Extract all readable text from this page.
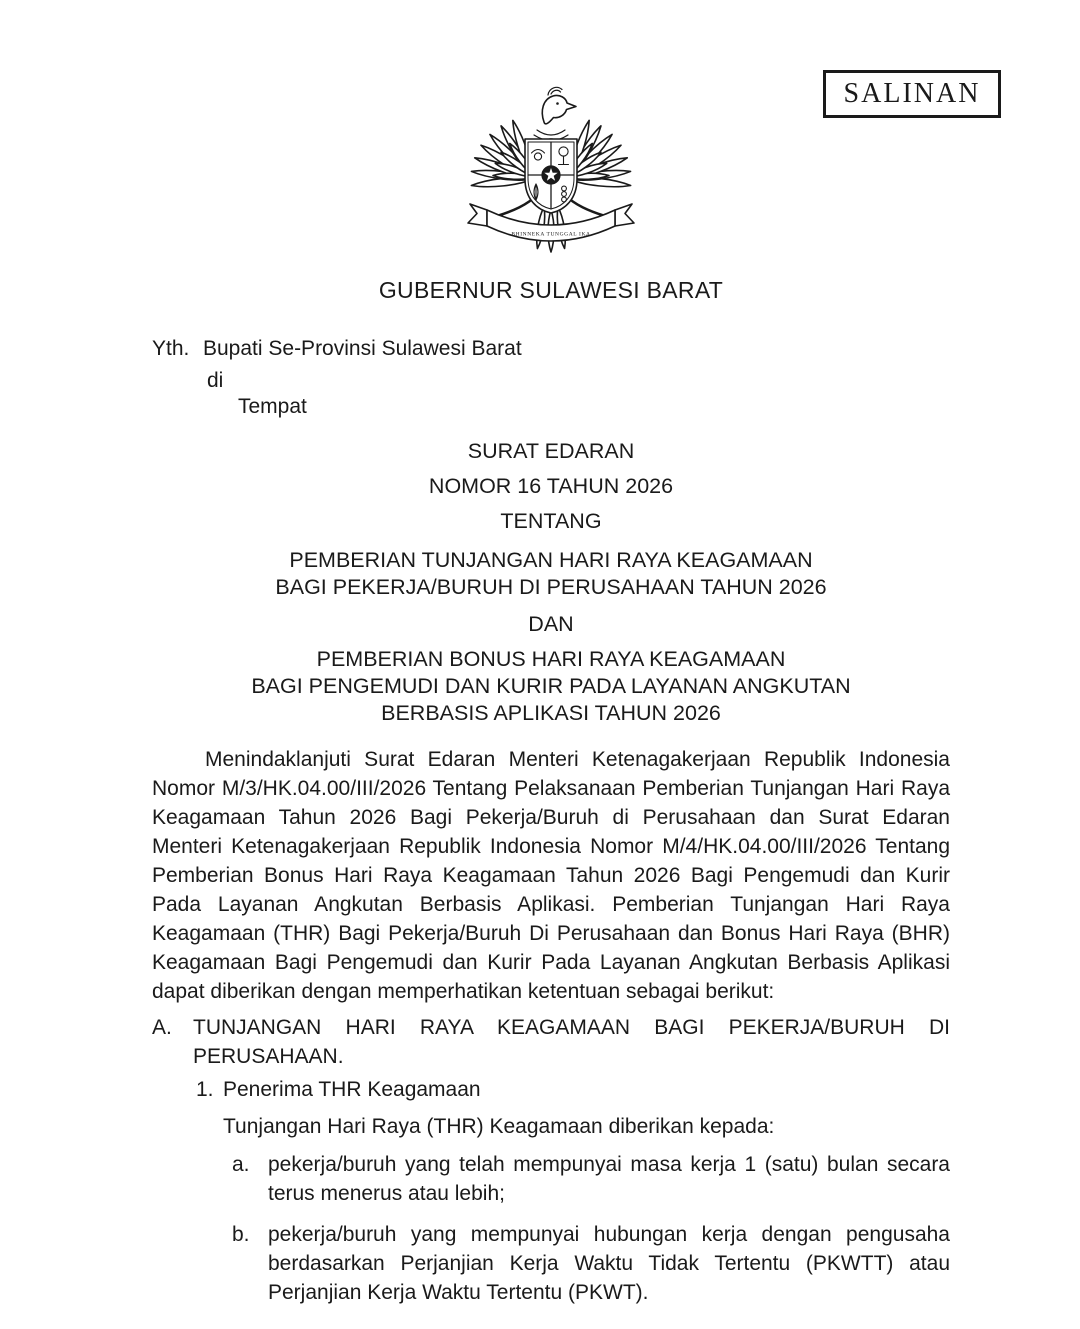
SALINAN
BHINNEKA TUNGGAL IKA
GUBERNUR SULAWESI BARAT
Yth. Bupati Se-Provinsi Sulawesi Barat
di
Tempat
SURAT EDARAN
NOMOR 16 TAHUN 2026
TENTANG
PEMBERIAN TUNJANGAN HARI RAYA KEAGAMAAN
BAGI PEKERJA/BURUH DI PERUSAHAAN TAHUN 2026
DAN
PEMBERIAN BONUS HARI RAYA KEAGAMAAN
BAGI PENGEMUDI DAN KURIR PADA LAYANAN ANGKUTAN
BERBASIS APLIKASI TAHUN 2026

Menindaklanjuti Surat Edaran Menteri Ketenagakerjaan Republik Indonesia Nomor M/3/HK.04.00/III/2026 Tentang Pelaksanaan Pemberian Tunjangan Hari Raya Keagamaan Tahun 2026 Bagi Pekerja/Buruh di Perusahaan dan Surat Edaran Menteri Ketenagakerjaan Republik Indonesia Nomor M/4/HK.04.00/III/2026 Tentang Pemberian Bonus Hari Raya Keagamaan Tahun 2026 Bagi Pengemudi dan Kurir Pada Layanan Angkutan Berbasis Aplikasi. Pemberian Tunjangan Hari Raya Keagamaan (THR) Bagi Pekerja/Buruh Di Perusahaan dan Bonus Hari Raya (BHR) Keagamaan Bagi Pengemudi dan Kurir Pada Layanan Angkutan Berbasis Aplikasi dapat diberikan dengan memperhatikan ketentuan sebagai berikut:

A.	TUNJANGAN HARI RAYA KEAGAMAAN BAGI PEKERJA/BURUH DI PERUSAHAAN.
1. Penerima THR Keagamaan
Tunjangan Hari Raya (THR) Keagamaan diberikan kepada:
a. pekerja/buruh yang telah mempunyai masa kerja 1 (satu) bulan secara terus menerus atau lebih;
b. pekerja/buruh yang mempunyai hubungan kerja dengan pengusaha berdasarkan Perjanjian Kerja Waktu Tidak Tertentu (PKWTT) atau Perjanjian Kerja Waktu Tertentu (PKWT).
